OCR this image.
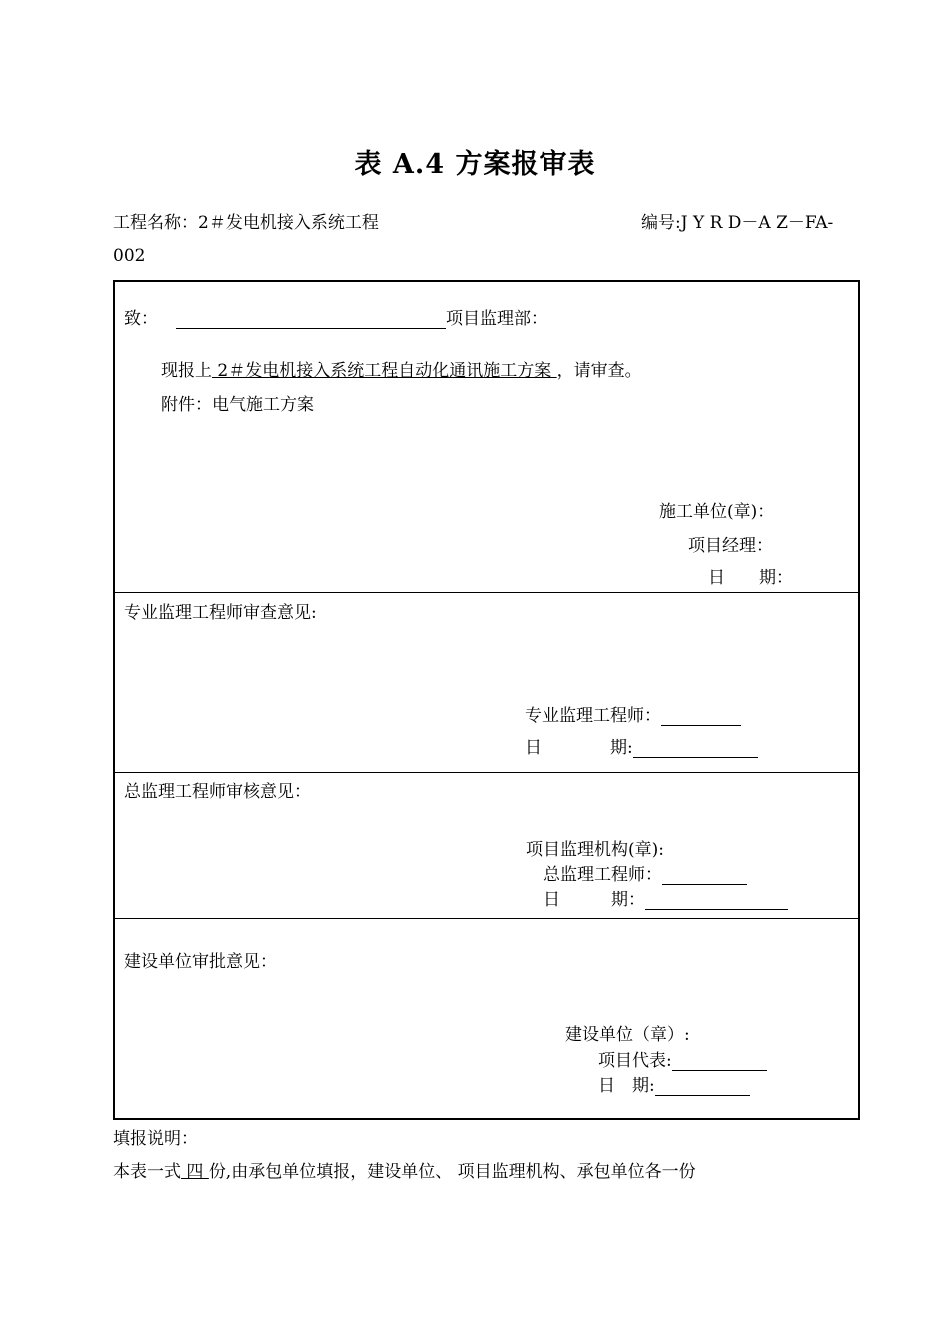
表 A.4 方案报审表
工程名称：2＃发电机接入系统工程	编号:J Y R D－A Z－FA-
002
致：	项目监理部：
现报上 2＃发电机接入系统工程自动化通讯施工方案 ，请审查。
附件：电气施工方案
施工单位(章)：
项目经理：
日　　期：
专业监理工程师审查意见:
专业监理工程师：
日　　　　期:
总监理工程师审核意见：
项目监理机构(章):
总监理工程师：
日　　　期：
建设单位审批意见：
建设单位（章）:
项目代表:
日　期:
填报说明：
本表一式 四 份,由承包单位填报，建设单位、 项目监理机构、承包单位各一份
